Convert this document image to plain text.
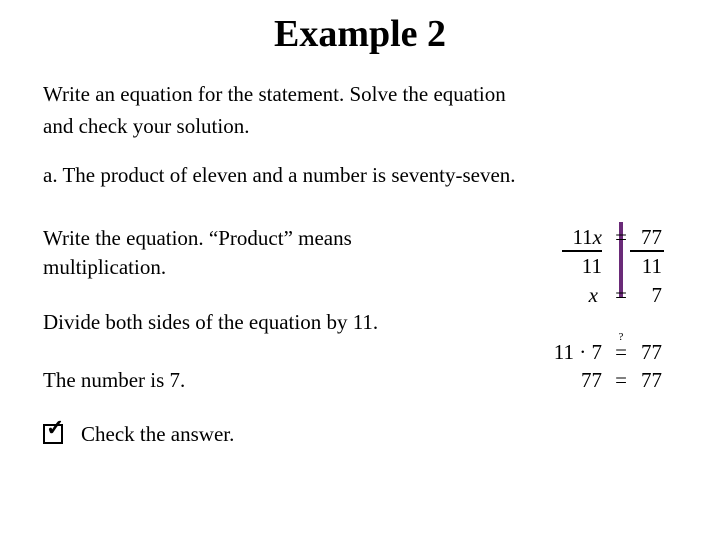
Example 2
Write an equation for the statement. Solve the equation
and check your solution.
a. The product of eleven and a number is seventy-seven.
Write the equation. “Product” means
multiplication.
Divide both sides of the equation by 11.
The number is 7.
✓ Check the answer.
11x = 77
11	11
x =	7
?
11 · 7 = 77
77 = 77
